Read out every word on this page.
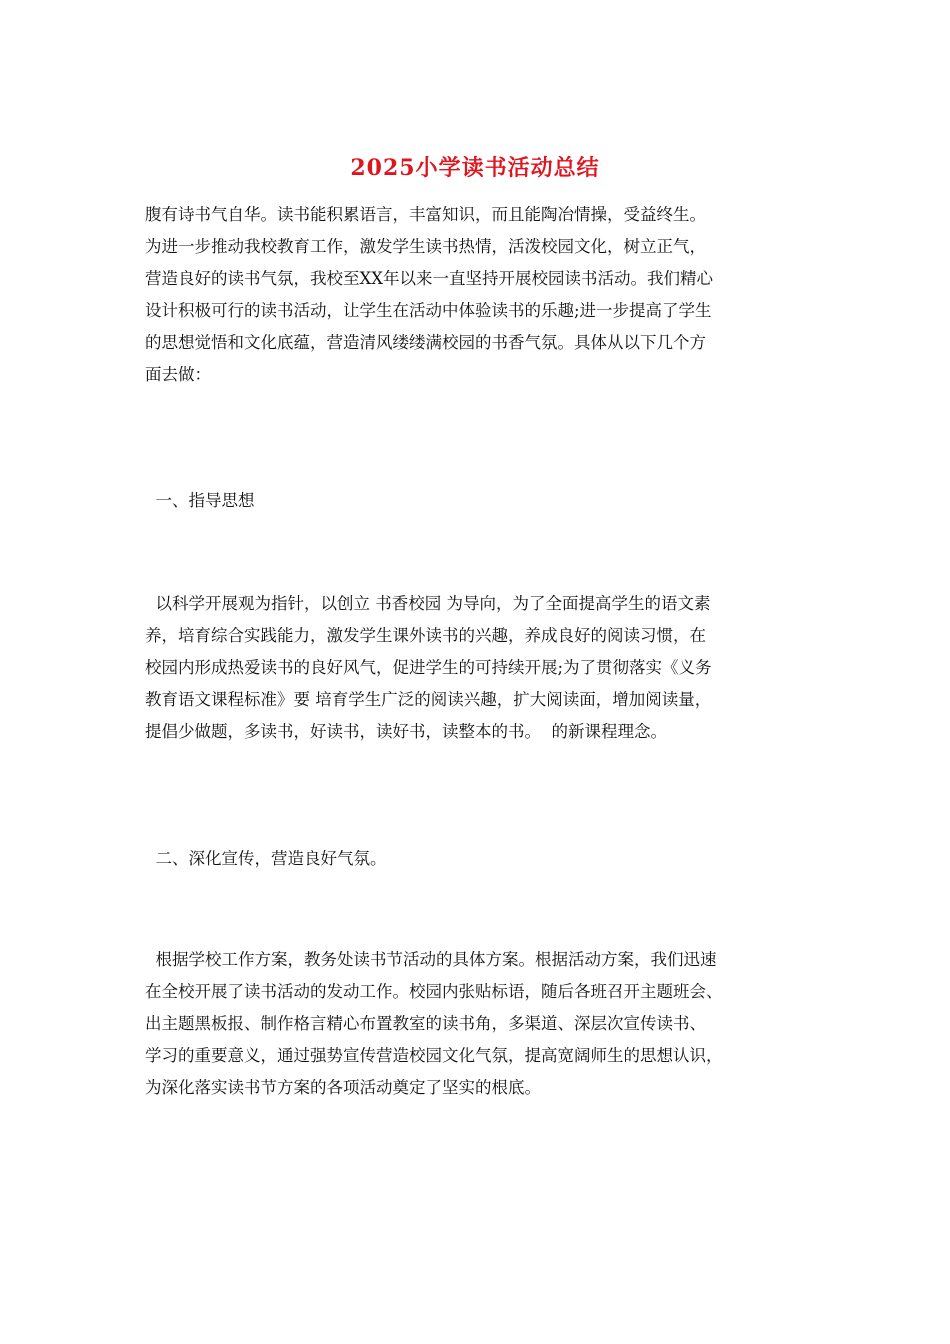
2025小学读书活动总结
腹有诗书气自华。读书能积累语言，丰富知识，而且能陶冶情操，受益终生。
为进一步推动我校教育工作，激发学生读书热情，活泼校园文化，树立正气，
营造良好的读书气氛，我校至XX年以来一直坚持开展校园读书活动。我们精心
设计积极可行的读书活动，让学生在活动中体验读书的乐趣;进一步提高了学生
的思想觉悟和文化底蕴，营造清风缕缕满校园的书香气氛。具体从以下几个方
面去做：
一、指导思想
以科学开展观为指针，以创立 书香校园 为导向，为了全面提高学生的语文素
养，培育综合实践能力，激发学生课外读书的兴趣，养成良好的阅读习惯，在
校园内形成热爱读书的良好风气，促进学生的可持续开展;为了贯彻落实《义务
教育语文课程标准》要 培育学生广泛的阅读兴趣，扩大阅读面，增加阅读量，
提倡少做题，多读书，好读书，读好书，读整本的书。  的新课程理念。
二、深化宣传，营造良好气氛。
根据学校工作方案，教务处读书节活动的具体方案。根据活动方案，我们迅速
在全校开展了读书活动的发动工作。校园内张贴标语，随后各班召开主题班会、
出主题黑板报、制作格言精心布置教室的读书角，多渠道、深层次宣传读书、
学习的重要意义，通过强势宣传营造校园文化气氛，提高宽阔师生的思想认识，
为深化落实读书节方案的各项活动奠定了坚实的根底。
